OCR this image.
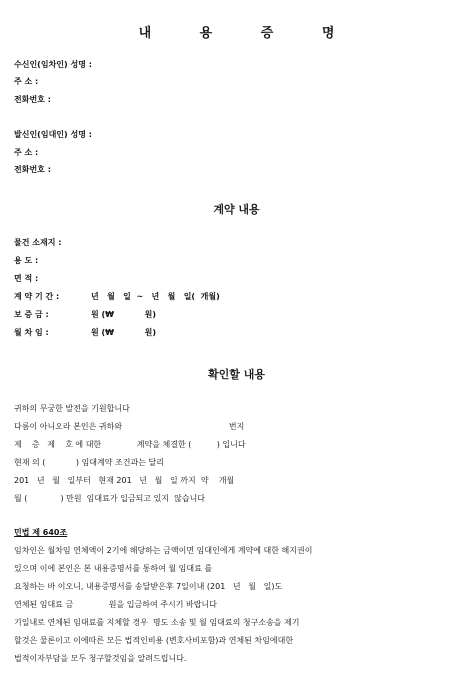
내 용 증 명
수신인(임차인) 성명 :
주 소 :
전화번호 :
발신인(임대인) 성명 :
주 소 :
전화번호 :
계약 내용
물건 소재지 :
용 도 :
면 적 :
계 약 기 간 :	년   월   일  ~   년   월   일(  개월)
보 증 금 :	원 (₩           원)
월 차 임 :	원 (₩           원)
확인할 내용
귀하의 무궁한 발전을 기원합니다
다름이 아니오라 본인은 귀하와                                          번지
제    층   제    호 에 대한              계약을 체결한 (          ) 입니다
현재 의 (            ) 임대계약 조건과는 달리
201   년   월   일부터   현재 201   년   월   일 까지  약    개월
월 (             ) 만원  임대료가 입금되고 있지  않습니다
민법 제 640조
임차인은 월차임 연체액이 2기에 해당하는 금액이면 임대인에게 계약에 대한 해지권이
있으며 이에 본인은 본 내용증명서를 통하여 월 임대료 를
요청하는 바 이오니, 내용증명서를 송달받은후 7일이내 (201   년   월   일)도
연체된 임대료 금              원을 입금하여 주시기 바랍니다
기일내로 연체된 임대료를 지체할 경우  명도 소송 및 월 임대료의 청구소송을 제기
할것은 물론이고 이에따른 모든 법적인비용 (변호사비포함)과 연체된 차임에대한
법적이자부담을 모두 청구할것임을 알려드립니다.
